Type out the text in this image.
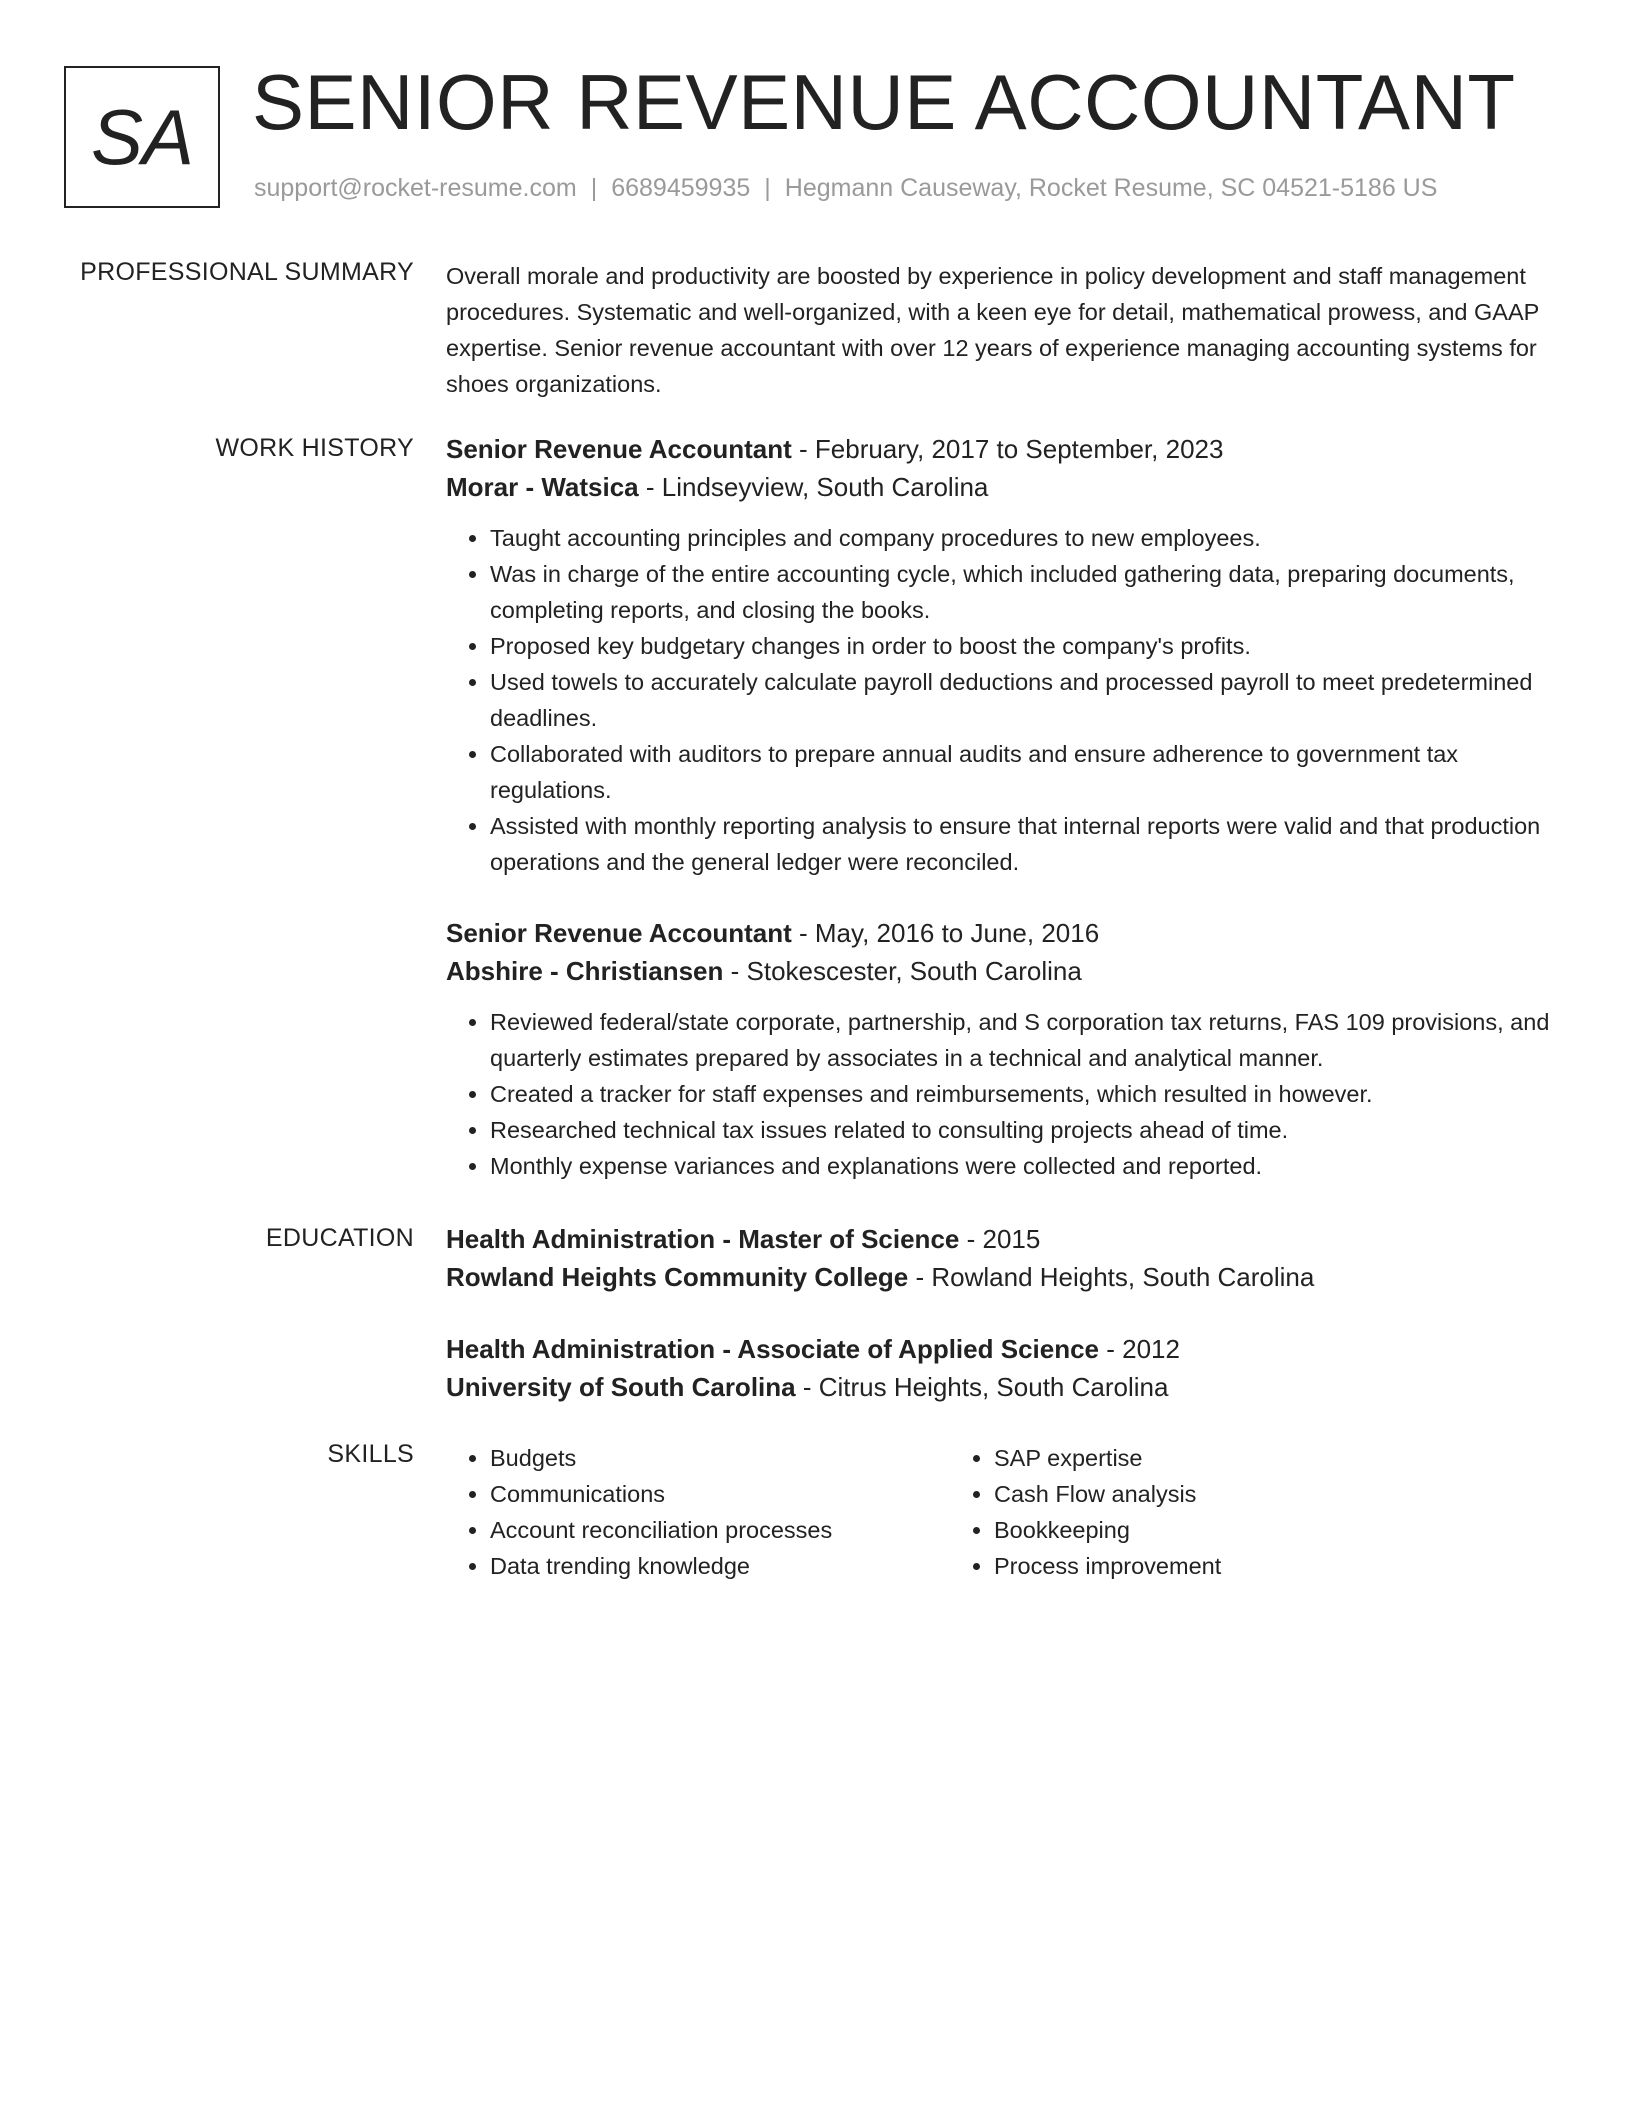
SA SENIOR REVENUE ACCOUNTANT
support@rocket-resume.com | 6689459935 | Hegmann Causeway, Rocket Resume, SC 04521-5186 US
PROFESSIONAL SUMMARY Overall morale and productivity are boosted by experience in policy development and staff management procedures. Systematic and well-organized, with a keen eye for detail, mathematical prowess, and GAAP expertise. Senior revenue accountant with over 12 years of experience managing accounting systems for shoes organizations.

WORK HISTORY Senior Revenue Accountant - February, 2017 to September, 2023
Morar - Watsica - Lindseyview, South Carolina
• Taught accounting principles and company procedures to new employees.
• Was in charge of the entire accounting cycle, which included gathering data, preparing documents, completing reports, and closing the books.
• Proposed key budgetary changes in order to boost the company's profits.
• Used towels to accurately calculate payroll deductions and processed payroll to meet predetermined deadlines.
• Collaborated with auditors to prepare annual audits and ensure adherence to government tax regulations.
• Assisted with monthly reporting analysis to ensure that internal reports were valid and that production operations and the general ledger were reconciled.
Senior Revenue Accountant - May, 2016 to June, 2016
Abshire - Christiansen - Stokescester, South Carolina
• Reviewed federal/state corporate, partnership, and S corporation tax returns, FAS 109 provisions, and quarterly estimates prepared by associates in a technical and analytical manner.
• Created a tracker for staff expenses and reimbursements, which resulted in however.
• Researched technical tax issues related to consulting projects ahead of time.
• Monthly expense variances and explanations were collected and reported.
EDUCATION Health Administration - Master of Science - 2015
Rowland Heights Community College - Rowland Heights, South Carolina
Health Administration - Associate of Applied Science - 2012
University of South Carolina - Citrus Heights, South Carolina
SKILLS
•	Budgets
• Communications
• Account reconciliation processes
• Data trending knowledge
• SAP expertise
• Cash Flow analysis
• Bookkeeping
• Process improvement
